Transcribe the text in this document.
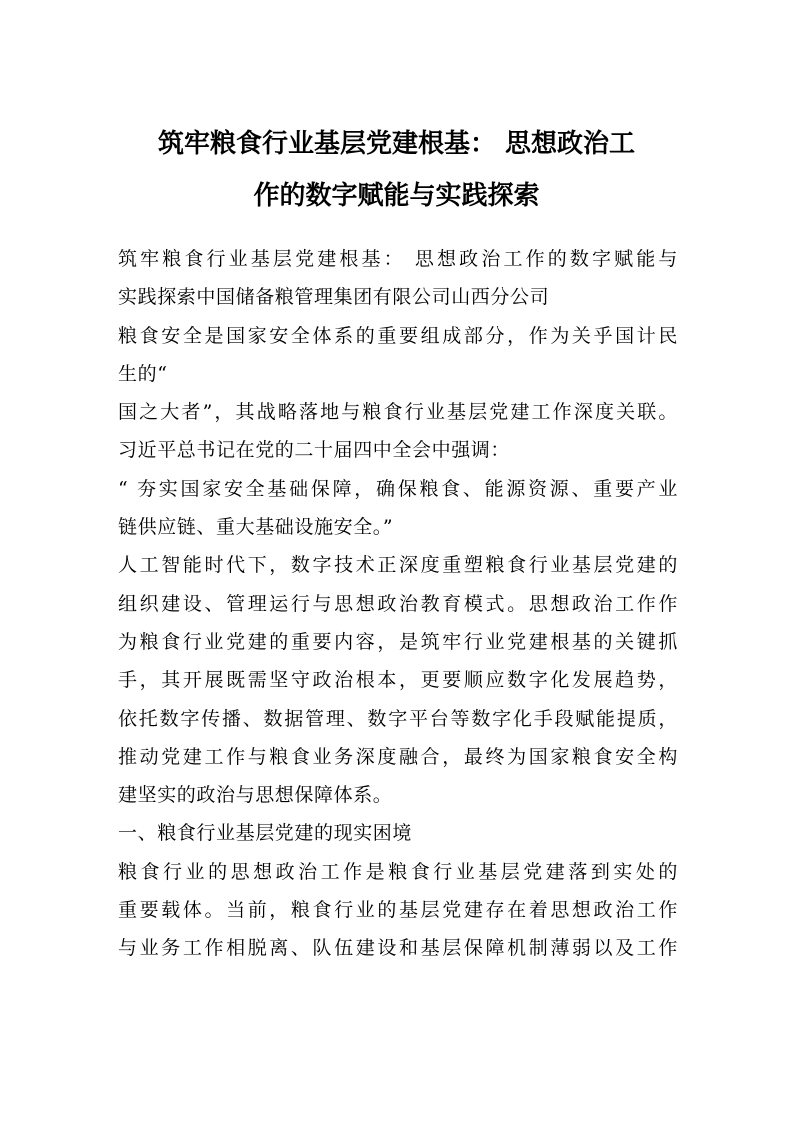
筑牢粮食行业基层党建根基： 思想政治工
作的数字赋能与实践探索
筑牢粮食行业基层党建根基： 思想政治工作的数字赋能与
实践探索中国储备粮管理集团有限公司山西分公司
粮食安全是国家安全体系的重要组成部分，作为关乎国计民
生的“
国之大者”，其战略落地与粮食行业基层党建工作深度关联。
习近平总书记在党的二十届四中全会中强调：
“ 夯实国家安全基础保障，确保粮食、能源资源、重要产业
链供应链、重大基础设施安全。”
人工智能时代下，数字技术正深度重塑粮食行业基层党建的
组织建设、管理运行与思想政治教育模式。思想政治工作作
为粮食行业党建的重要内容，是筑牢行业党建根基的关键抓
手，其开展既需坚守政治根本，更要顺应数字化发展趋势，
依托数字传播、数据管理、数字平台等数字化手段赋能提质，
推动党建工作与粮食业务深度融合，最终为国家粮食安全构
建坚实的政治与思想保障体系。
一、粮食行业基层党建的现实困境
粮食行业的思想政治工作是粮食行业基层党建落到实处的
重要载体。当前，粮食行业的基层党建存在着思想政治工作
与业务工作相脱离、队伍建设和基层保障机制薄弱以及工作
